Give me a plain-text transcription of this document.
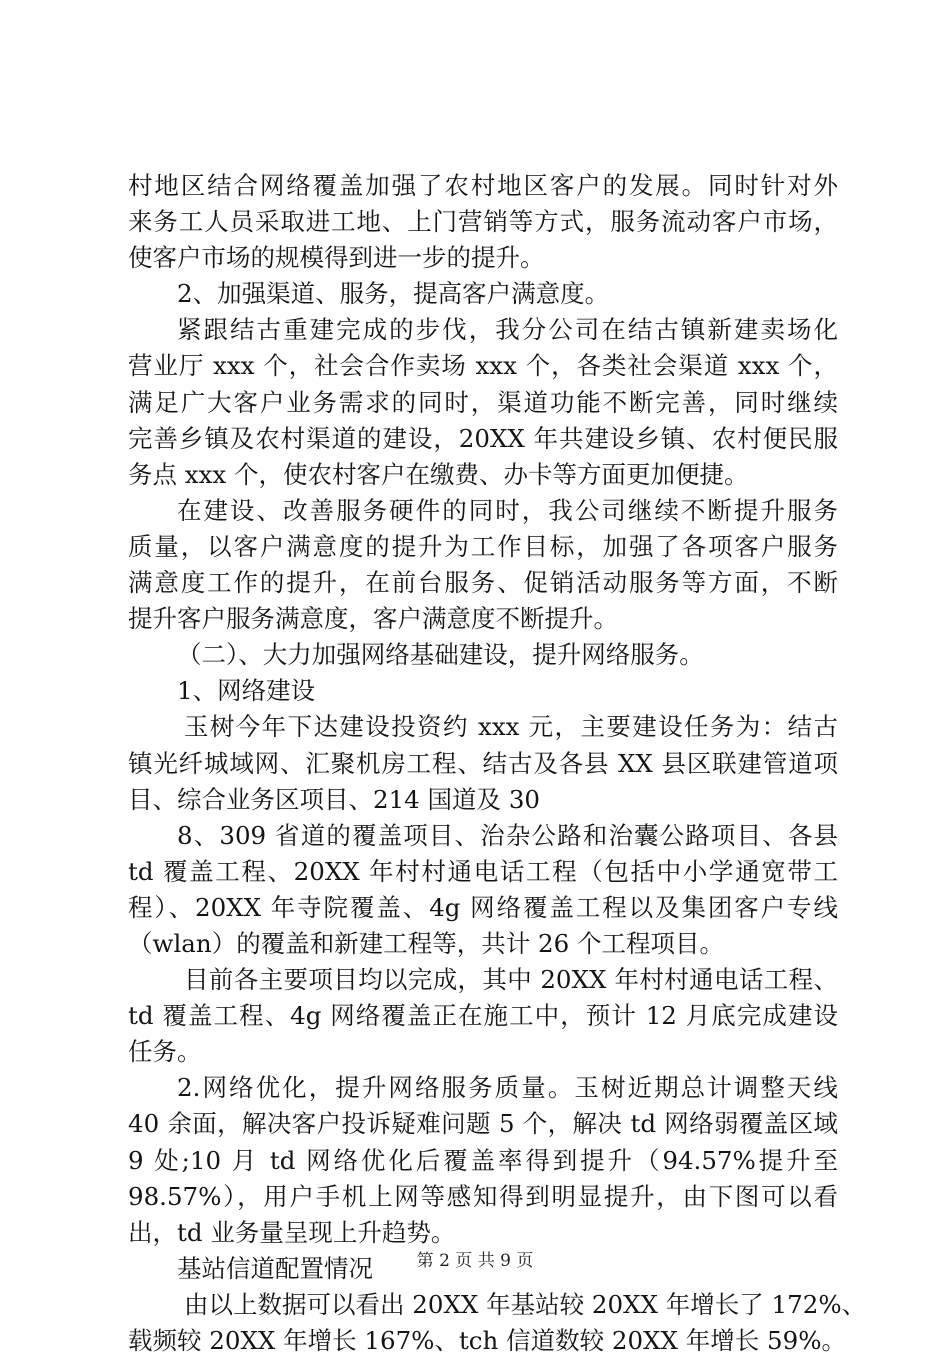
村地区结合网络覆盖加强了农村地区客户的发展。同时针对外
来务工人员采取进工地、上门营销等方式，服务流动客户市场，
使客户市场的规模得到进一步的提升。
2、加强渠道、服务，提高客户满意度。
紧跟结古重建完成的步伐，我分公司在结古镇新建卖场化
营业厅 xxx 个，社会合作卖场 xxx 个，各类社会渠道 xxx 个，
满足广大客户业务需求的同时，渠道功能不断完善，同时继续
完善乡镇及农村渠道的建设，20XX 年共建设乡镇、农村便民服
务点 xxx 个，使农村客户在缴费、办卡等方面更加便捷。
在建设、改善服务硬件的同时，我公司继续不断提升服务
质量，以客户满意度的提升为工作目标，加强了各项客户服务
满意度工作的提升，在前台服务、促销活动服务等方面，不断
提升客户服务满意度，客户满意度不断提升。
（二）、大力加强网络基础建设，提升网络服务。
1、网络建设
玉树今年下达建设投资约 xxx 元，主要建设任务为：结古
镇光纤城域网、汇聚机房工程、结古及各县 XX 县区联建管道项
目、综合业务区项目、214 国道及 30
8、309 省道的覆盖项目、治杂公路和治囊公路项目、各县
td 覆盖工程、20XX 年村村通电话工程（包括中小学通宽带工
程）、20XX 年寺院覆盖、4g 网络覆盖工程以及集团客户专线
（wlan）的覆盖和新建工程等，共计 26 个工程项目。
目前各主要项目均以完成，其中 20XX 年村村通电话工程、
td 覆盖工程、4g 网络覆盖正在施工中，预计 12 月底完成建设
任务。
2.网络优化，提升网络服务质量。玉树近期总计调整天线
40 余面，解决客户投诉疑难问题 5 个，解决 td 网络弱覆盖区域
9 处;10 月 td 网络优化后覆盖率得到提升（94.57%提升至
98.57%），用户手机上网等感知得到明显提升，由下图可以看
出，td 业务量呈现上升趋势。
基站信道配置情况
由以上数据可以看出 20XX 年基站较 20XX 年增长了 172%、
载频较 20XX 年增长 167%、tch 信道数较 20XX 年增长 59%。
第 2 页 共 9 页
